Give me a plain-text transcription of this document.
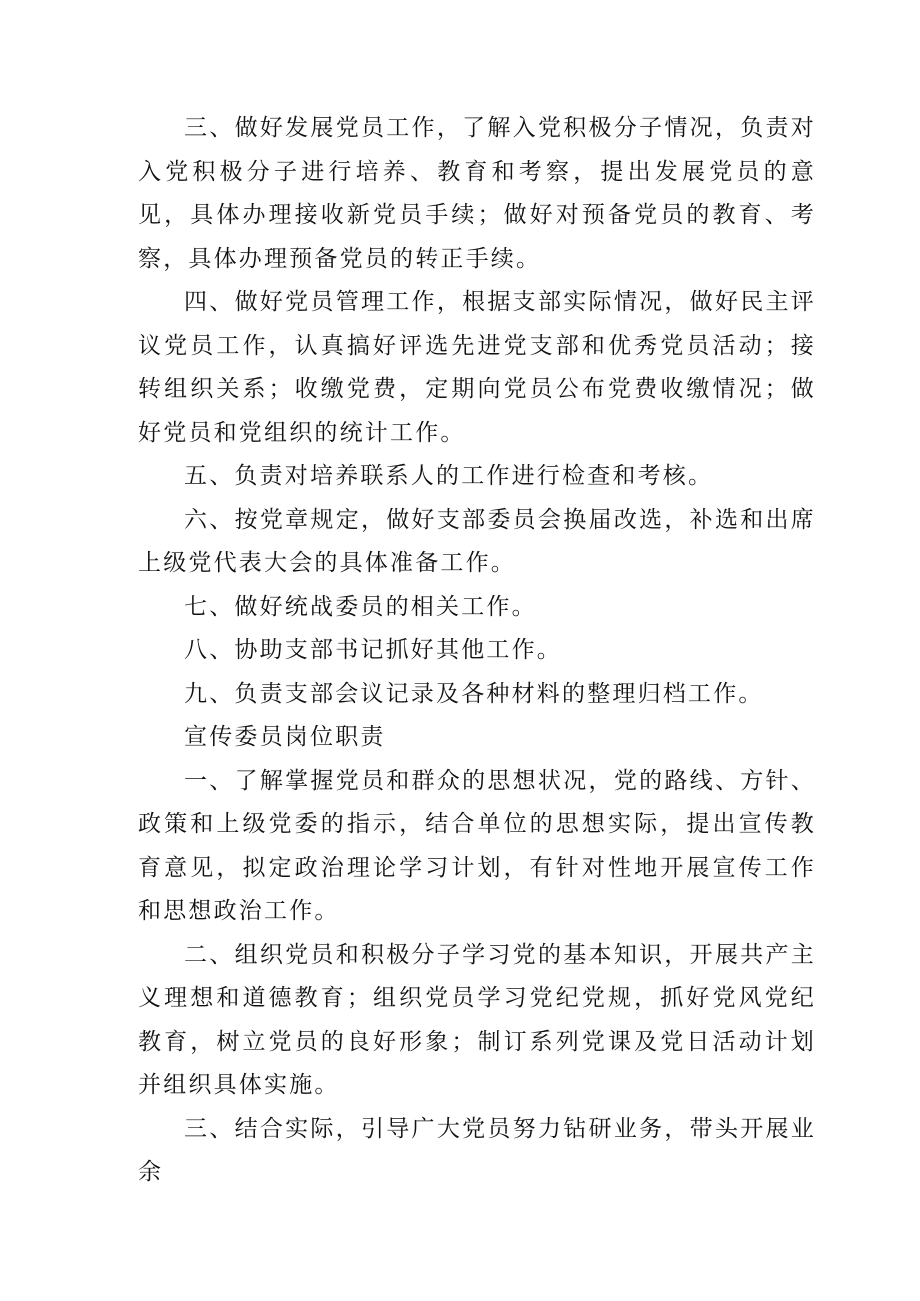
三、做好发展党员工作，了解入党积极分子情况，负责对入党积极分子进行培养、教育和考察，提出发展党员的意见，具体办理接收新党员手续；做好对预备党员的教育、考察，具体办理预备党员的转正手续。

四、做好党员管理工作，根据支部实际情况，做好民主评议党员工作，认真搞好评选先进党支部和优秀党员活动；接转组织关系；收缴党费，定期向党员公布党费收缴情况；做好党员和党组织的统计工作。

五、负责对培养联系人的工作进行检查和考核。

六、按党章规定，做好支部委员会换届改选，补选和出席上级党代表大会的具体准备工作。

七、做好统战委员的相关工作。

八、协助支部书记抓好其他工作。

九、负责支部会议记录及各种材料的整理归档工作。

宣传委员岗位职责

一、了解掌握党员和群众的思想状况，党的路线、方针、政策和上级党委的指示，结合单位的思想实际，提出宣传教育意见，拟定政治理论学习计划，有针对性地开展宣传工作和思想政治工作。

二、组织党员和积极分子学习党的基本知识，开展共产主义理想和道德教育；组织党员学习党纪党规，抓好党风党纪教育，树立党员的良好形象；制订系列党课及党日活动计划并组织具体实施。

三、结合实际，引导广大党员努力钻研业务，带头开展业余
